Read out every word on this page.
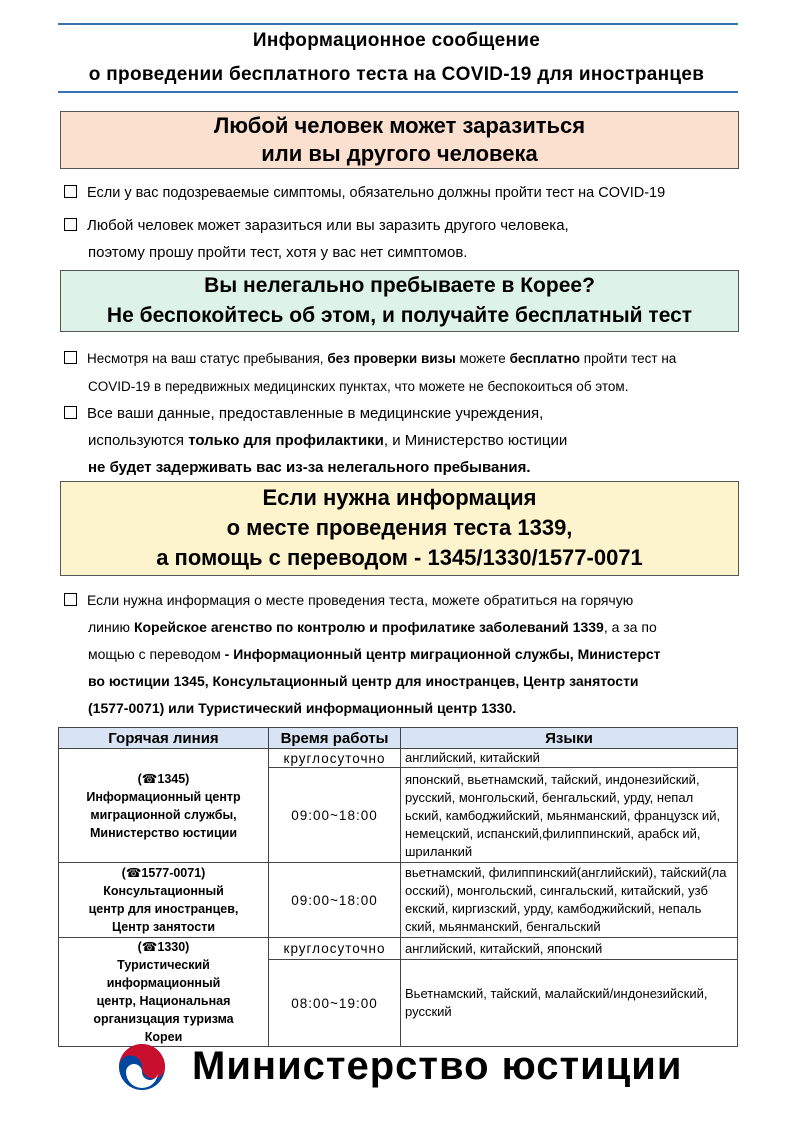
Информационное сообщение
о проведении бесплатного теста на COVID-19 для иностранцев
Любой человек может заразиться
или вы другого человека
Если у вас подозреваемые симптомы, обязательно должны пройти тест на COVID-19
Любой человек может заразиться или вы заразить другого человека,
поэтому прошу пройти тест, хотя у вас нет симптомов.
Вы нелегально пребываете в Корее?
Не беспокойтесь об этом, и получайте бесплатный тест
Несмотря на ваш статус пребывания, без проверки визы можете бесплатно пройти тест на
COVID-19 в передвижных медицинских пунктах, что можете не беспокоиться об этом.
Все ваши данные, предоставленные в медицинские учреждения,
используются только для профилактики, и Министерство юстиции
не будет задерживать вас из-за нелегального пребывания.
Если нужна информация
о месте проведения теста 1339,
а помощь с переводом - 1345/1330/1577-0071
Если нужна информация о месте проведения теста, можете обратиться на горячую
линию Корейское агенство по контролю и профилатике заболеваний 1339, а за по
мощью с переводом - Информационный центр миграционной службы, Министерст
во юстиции 1345, Консультационный центр для иностранцев, Центр занятости
(1577-0071) или Туристический информационный центр 1330.
Горячая линия	Время работы	Языки

(☎1345)
Информационный центр миграционной службы, Министерство юстиции	круглосуточно	английский, китайский
	09:00~18:00	японский, вьетнамский, тайский, индонезийский, русский, монгольский, бенгальский, урду, непал ьский, камбоджийский, мьянманский, французск ий, немецский, испанский,филиппинский, арабск ий, шриланкий

(☎1577-0071)
Консультационный центр для иностранцев, Центр занятости	09:00~18:00	вьетнамский, филиппинский(английский), тайский(ла осский), монгольский, сингальский, китайский, узб екский, киргизский, урду, камбоджийский, непаль ский, мьянманский, бенгальский

(☎1330)
Туристический информационный центр, Национальная организцация туризма Кореи	круглосуточно	английский, китайский, японский
	08:00~19:00	Вьетнамский, тайский, малайский/индонезийский, русский
Министерство юстиции
